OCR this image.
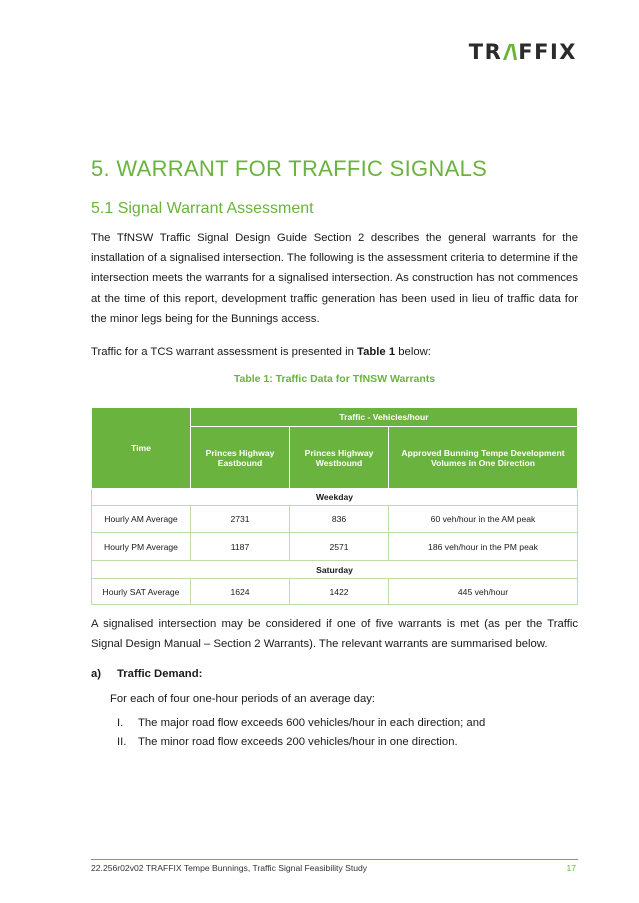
TR FFIX
5. WARRANT FOR TRAFFIC SIGNALS
5.1 Signal Warrant Assessment
The TfNSW Traffic Signal Design Guide Section 2 describes the general warrants for the installation of a signalised intersection. The following is the assessment criteria to determine if the intersection meets the warrants for a signalised intersection. As construction has not commences at the time of this report, development traffic generation has been used in lieu of traffic data for the minor legs being for the Bunnings access.
Traffic for a TCS warrant assessment is presented in Table 1 below:
Table 1: Traffic Data for TfNSW Warrants
Time	Traffic - Vehicles/hour		
	Princes Highway Eastbound	Princes Highway Westbound	Approved Bunning Tempe Development Volumes in One Direction
Weekday			
Hourly AM Average	2731	836	60 veh/hour in the AM peak
Hourly PM Average	1187	2571	186 veh/hour in the PM peak
Saturday			
Hourly SAT Average	1624	1422	445 veh/hour
A signalised intersection may be considered if one of five warrants is met (as per the Traffic Signal Design Manual – Section 2 Warrants). The relevant warrants are summarised below.
a) Traffic Demand:
For each of four one-hour periods of an average day:
I. The major road flow exceeds 600 vehicles/hour in each direction; and
II. The minor road flow exceeds 200 vehicles/hour in one direction.
22.256r02v02 TRAFFIX Tempe Bunnings, Traffic Signal Feasibility Study	17
